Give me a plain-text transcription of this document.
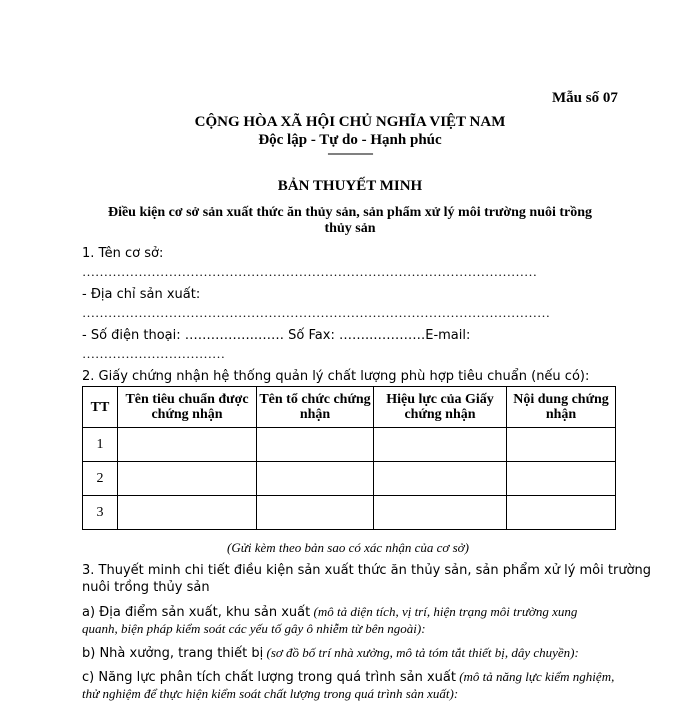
Mẫu số 07
CỘNG HÒA XÃ HỘI CHỦ NGHĨA VIỆT NAM
Độc lập - Tự do - Hạnh phúc
---------------
BẢN THUYẾT MINH
Điều kiện cơ sở sản xuất thức ăn thủy sản, sản phẩm xử lý môi trường nuôi trồng
thủy sản
1. Tên cơ sở:
……………………………………………………………………………………………
- Địa chỉ sản xuất:
………………………………………………………………………………………………
- Số điện thoại: ……………..…… Số Fax: ……..…………E-mail:
……………………………
2. Giấy chứng nhận hệ thống quản lý chất lượng phù hợp tiêu chuẩn (nếu có):
TT	Tên tiêu chuẩn được chứng nhận	Tên tổ chức chứng nhận	Hiệu lực của Giấy chứng nhận	Nội dung chứng nhận
1				
2				
3				
(Gửi kèm theo bản sao có xác nhận của cơ sở)
3. Thuyết minh chi tiết điều kiện sản xuất thức ăn thủy sản, sản phẩm xử lý môi trường
nuôi trồng thủy sản
a) Địa điểm sản xuất, khu sản xuất (mô tả diện tích, vị trí, hiện trạng môi trường xung
quanh, biện pháp kiểm soát các yếu tố gây ô nhiễm từ bên ngoài):
b) Nhà xưởng, trang thiết bị (sơ đồ bố trí nhà xưởng, mô tả tóm tắt thiết bị, dây chuyền):
c) Năng lực phân tích chất lượng trong quá trình sản xuất (mô tả năng lực kiểm nghiệm,
thử nghiệm để thực hiện kiểm soát chất lượng trong quá trình sản xuất):
